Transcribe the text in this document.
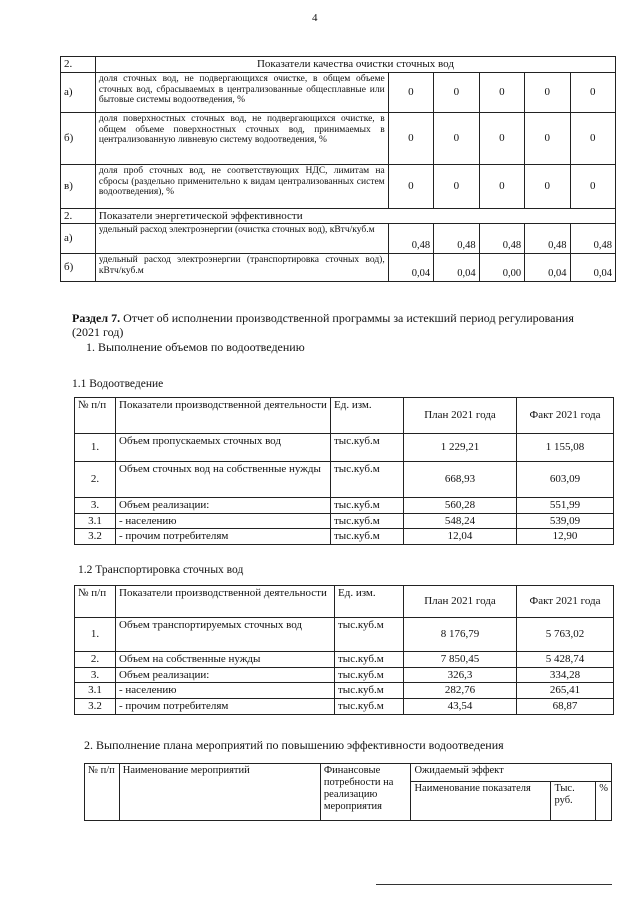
4
2.	Показатели качества очистки сточных вод					
а)	доля сточных вод, не подвергающихся очистке, в общем объеме сточных вод, сбрасываемых в централизованные общесплавные или бытовые системы водоотведения, %	0	0	0	0	0
б)	доля поверхностных сточных вод, не подвергающихся очистке, в общем объеме поверхностных сточных вод, принимаемых в централизованную ливневую систему водоотведения, %	0	0	0	0	0
в)	доля проб сточных вод, не соответствующих НДС, лимитам на сбросы (раздельно применительно к видам централизованных систем водоотведения), %	0	0	0	0	0
2.	Показатели энергетической эффективности					
а)	удельный расход электроэнергии (очистка сточных вод), кВтч/куб.м	0,48	0,48	0,48	0,48	0,48
б)	удельный расход электроэнергии (транспортировка сточных вод), кВтч/куб.м	0,04	0,04	0,00	0,04	0,04
Раздел 7. Отчет об исполнении производственной программы за истекший период регулирования (2021 год)
1. Выполнение объемов по водоотведению
1.1 Водоотведение
№ п/п	Показатели производственной деятельности	Ед. изм.	План 2021 года	Факт 2021 года
1.	Объем пропускаемых сточных вод	тыс.куб.м	1 229,21	1 155,08
2.	Объем сточных вод на собственные нужды	тыс.куб.м	668,93	603,09
3.	Объем реализации:	тыс.куб.м	560,28	551,99
3.1	- населению	тыс.куб.м	548,24	539,09
3.2	- прочим потребителям	тыс.куб.м	12,04	12,90
1.2 Транспортировка сточных вод
№ п/п	Показатели производственной деятельности	Ед. изм.	План 2021 года	Факт 2021 года
1.	Объем транспортируемых сточных вод	тыс.куб.м	8 176,79	5 763,02
2.	Объем на собственные нужды	тыс.куб.м	7 850,45	5 428,74
3.	Объем реализации:	тыс.куб.м	326,3	334,28
3.1	- населению	тыс.куб.м	282,76	265,41
3.2	- прочим потребителям	тыс.куб.м	43,54	68,87
2. Выполнение плана мероприятий по повышению эффективности водоотведения
№ п/п	Наименование мероприятий	Финансовые потребности на реализацию мероприятия	Ожидаемый эффект		
			Наименование показателя	Тыс. руб.	%
